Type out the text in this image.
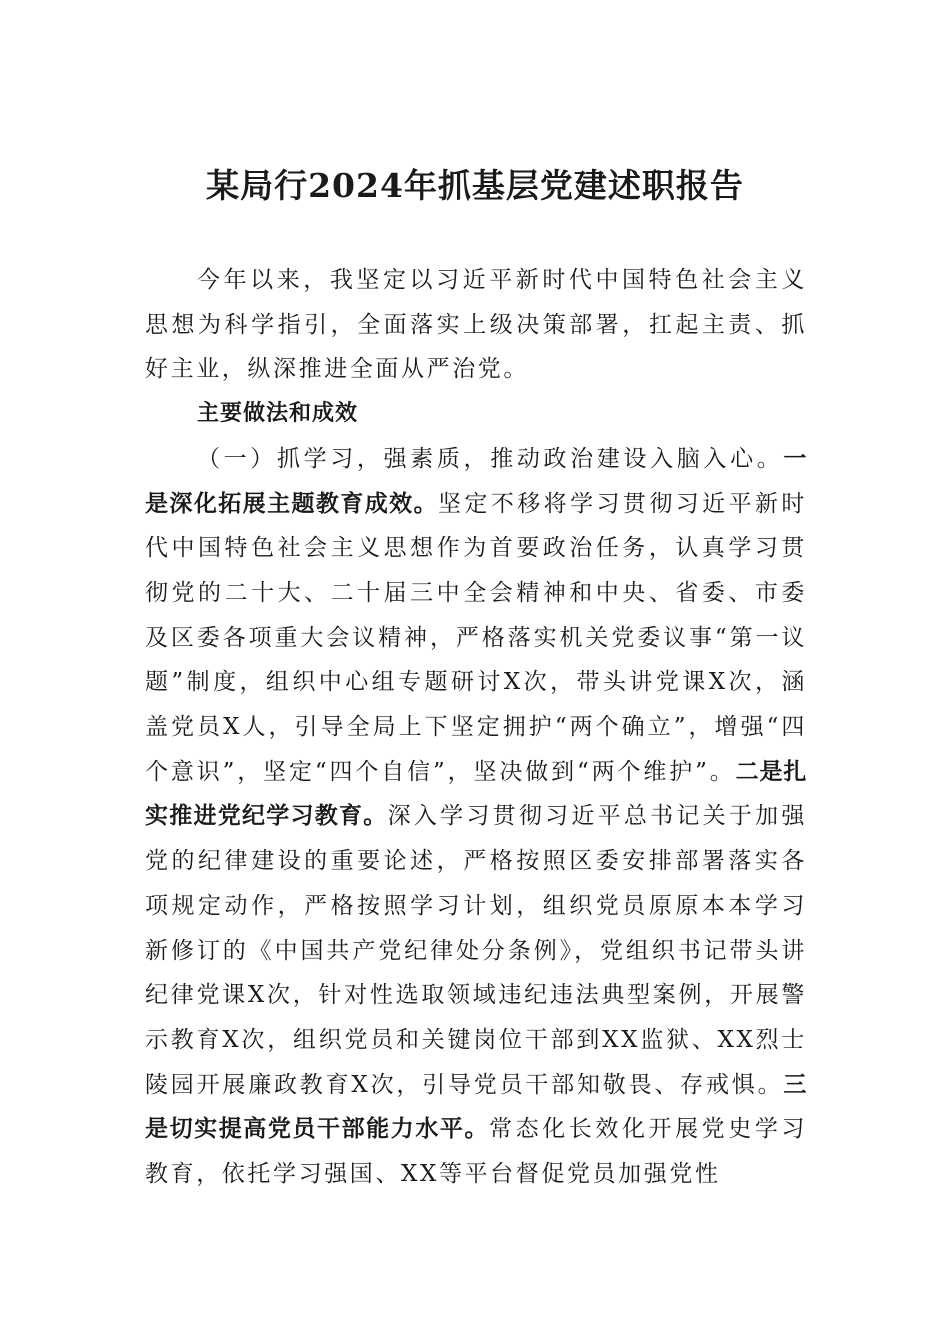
某局行2024年抓基层党建述职报告

今年以来，我坚定以习近平新时代中国特色社会主义思想为科学指引，全面落实上级决策部署，扛起主责、抓好主业，纵深推进全面从严治党。

主要做法和成效

（一）抓学习，强素质，推动政治建设入脑入心。一是深化拓展主题教育成效。坚定不移将学习贯彻习近平新时代中国特色社会主义思想作为首要政治任务，认真学习贯彻党的二十大、二十届三中全会精神和中央、省委、市委及区委各项重大会议精神，严格落实机关党委议事“第一议题”制度，组织中心组专题研讨X次，带头讲党课X次，涵盖党员X人，引导全局上下坚定拥护“两个确立”，增强“四个意识”，坚定“四个自信”，坚决做到“两个维护”。二是扎实推进党纪学习教育。深入学习贯彻习近平总书记关于加强党的纪律建设的重要论述，严格按照区委安排部署落实各项规定动作，严格按照学习计划，组织党员原原本本学习新修订的《中国共产党纪律处分条例》，党组织书记带头讲纪律党课X次，针对性选取领域违纪违法典型案例，开展警示教育X次，组织党员和关键岗位干部到XX监狱、XX烈士陵园开展廉政教育X次，引导党员干部知敬畏、存戒惧。三是切实提高党员干部能力水平。常态化长效化开展党史学习教育，依托学习强国、XX等平台督促党员加强党性
